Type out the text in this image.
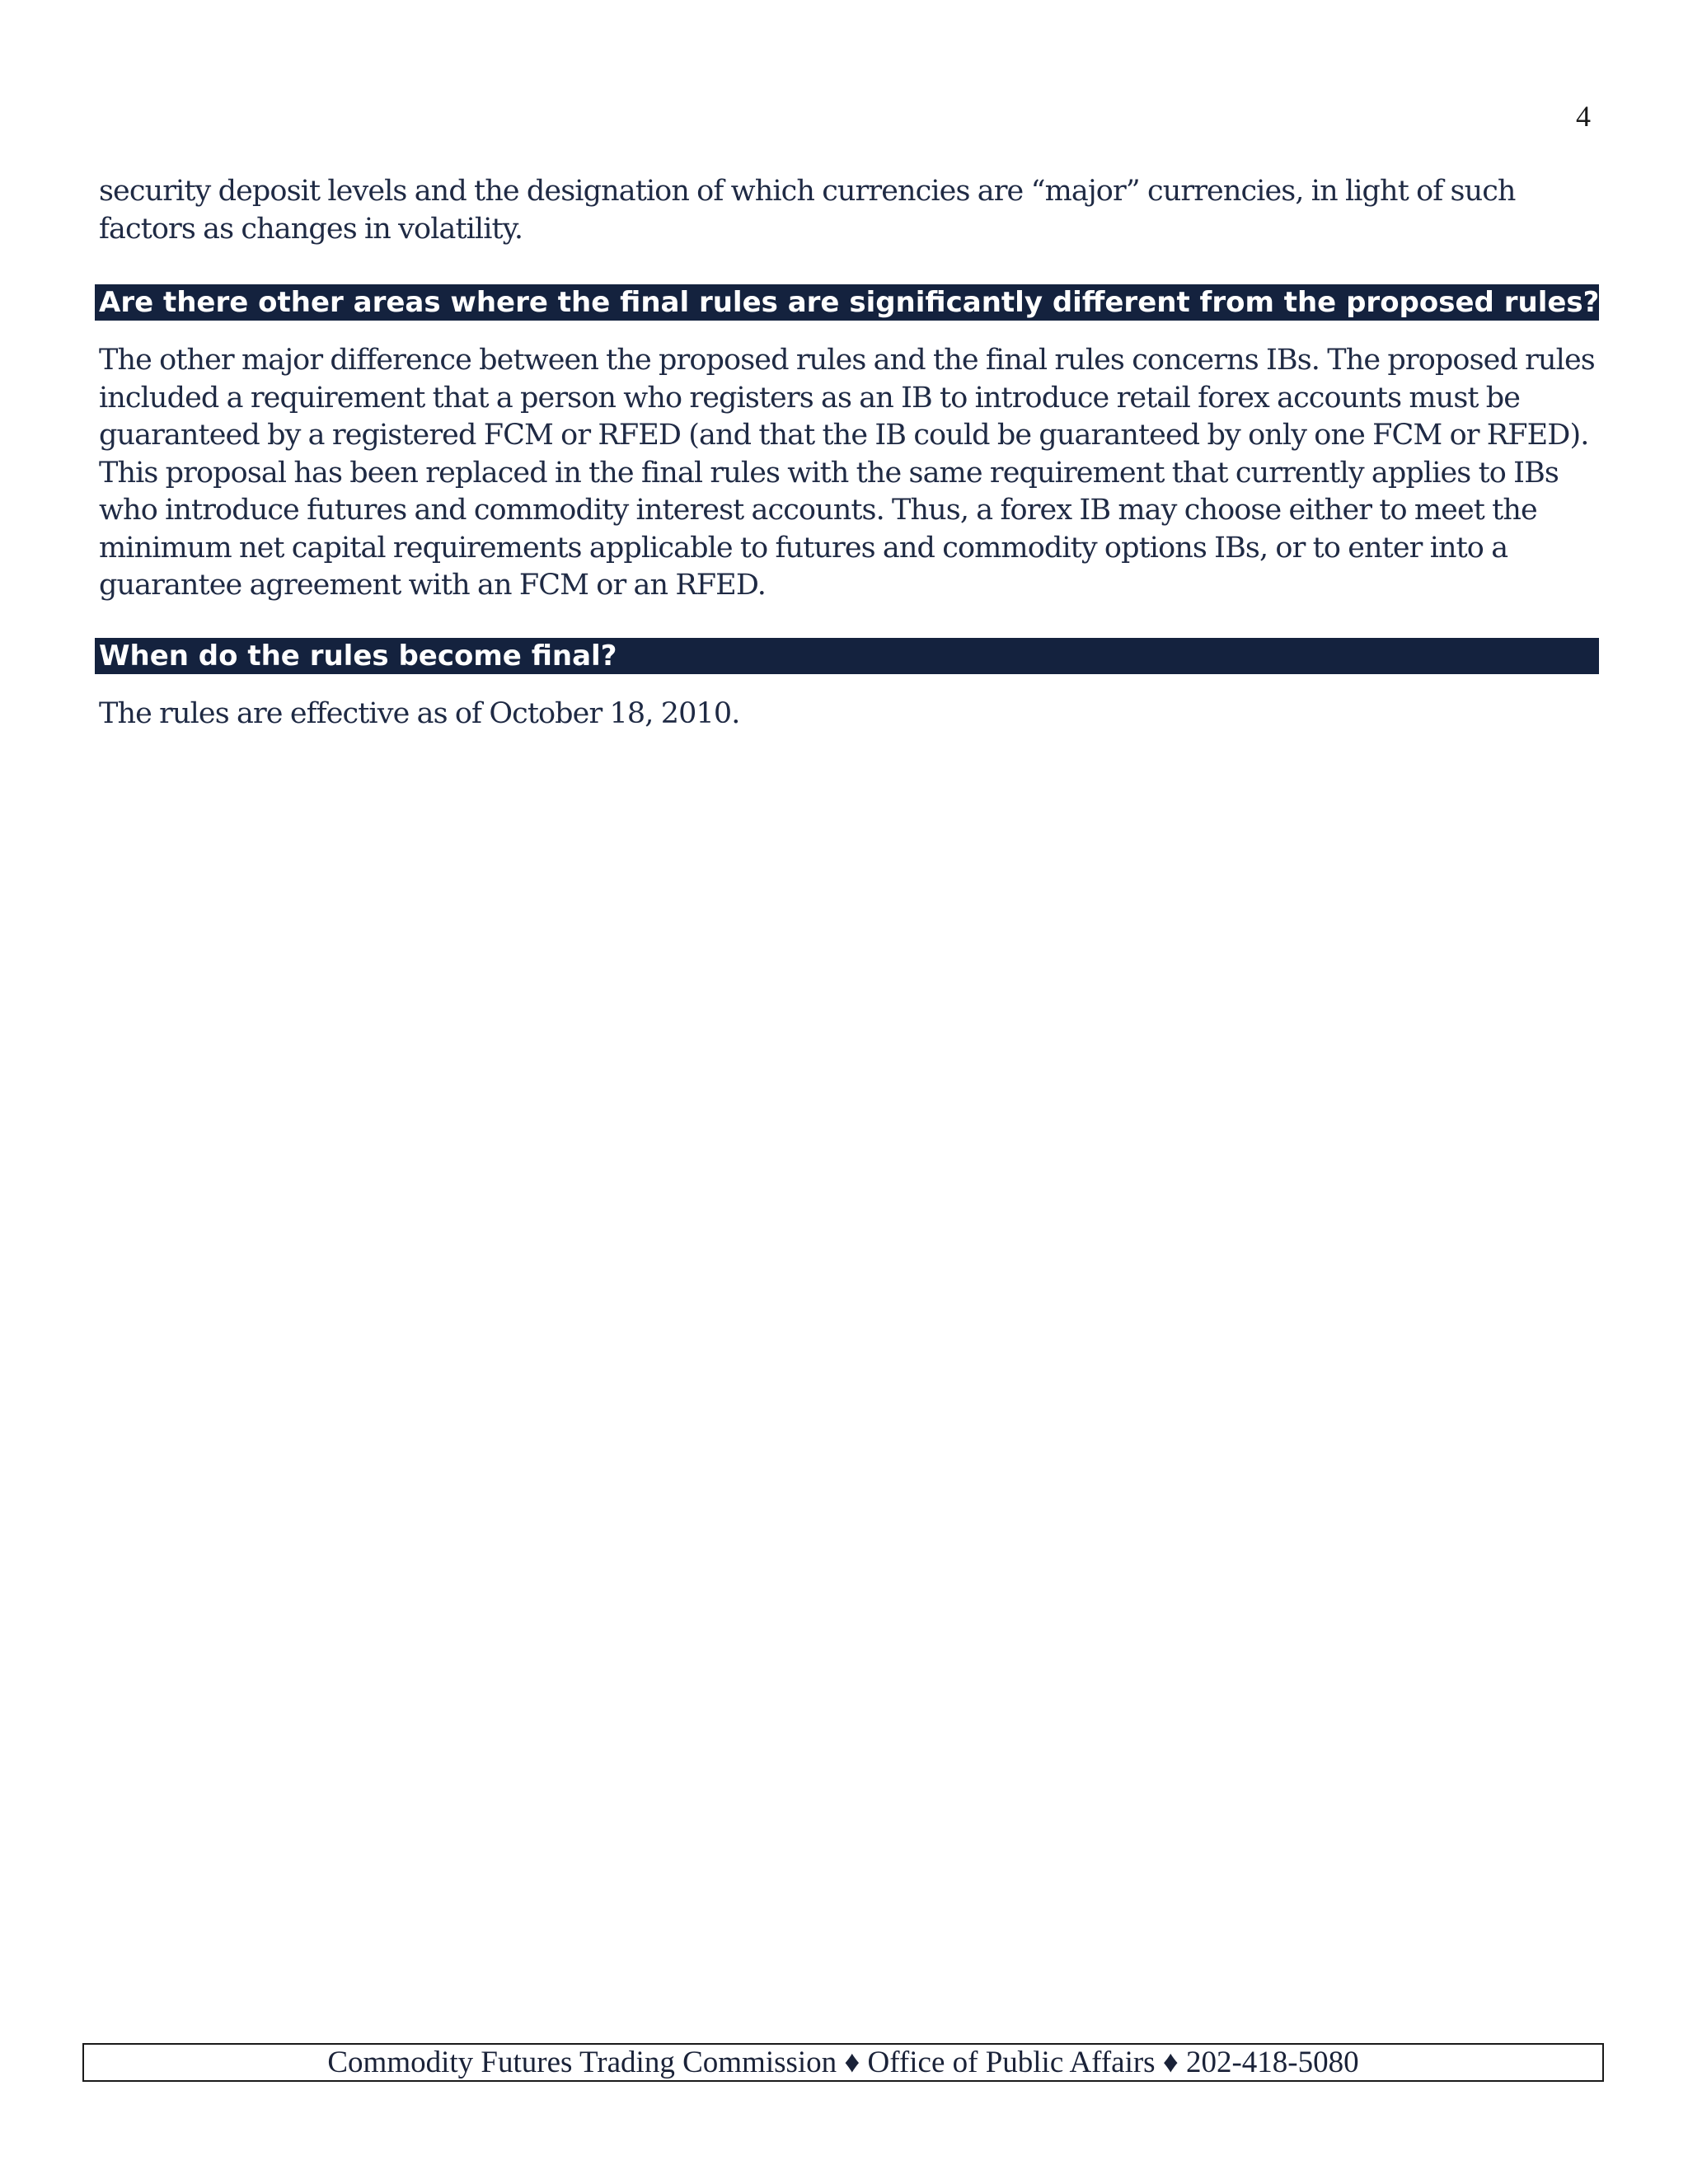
4

security deposit levels and the designation of which currencies are “major” currencies, in light of such factors as changes in volatility.

Are there other areas where the final rules are significantly different from the proposed rules?

The other major difference between the proposed rules and the final rules concerns IBs. The proposed rules included a requirement that a person who registers as an IB to introduce retail forex accounts must be guaranteed by a registered FCM or RFED (and that the IB could be guaranteed by only one FCM or RFED). This proposal has been replaced in the final rules with the same requirement that currently applies to IBs who introduce futures and commodity interest accounts. Thus, a forex IB may choose either to meet the minimum net capital requirements applicable to futures and commodity options IBs, or to enter into a guarantee agreement with an FCM or an RFED.

When do the rules become final?

The rules are effective as of October 18, 2010.

Commodity Futures Trading Commission ♦ Office of Public Affairs ♦ 202-418-5080
